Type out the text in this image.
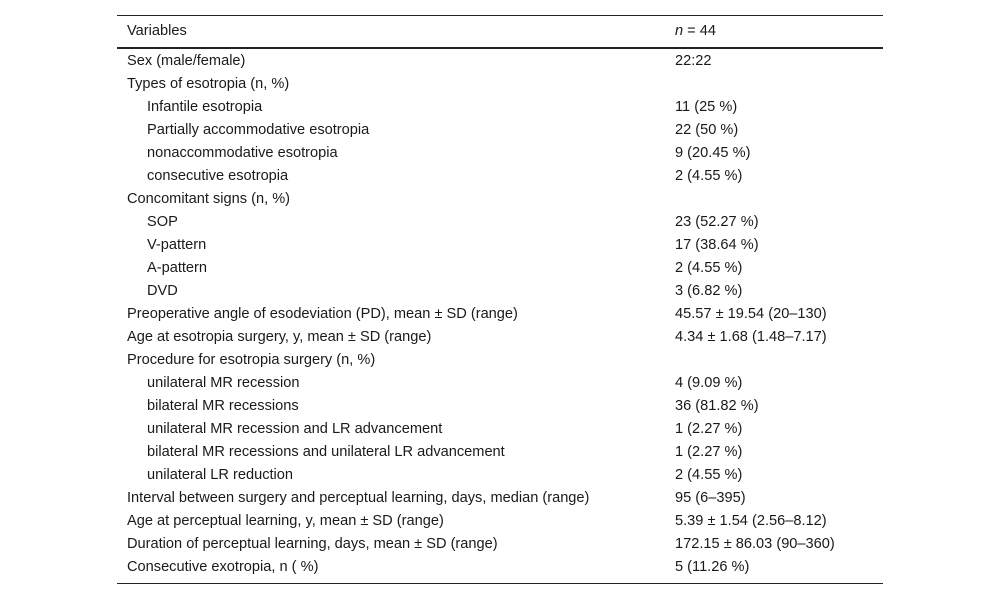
Variables	n = 44
Sex (male/female)	22:22
Types of esotropia (n, %)
Infantile esotropia	11 (25 %)
Partially accommodative esotropia	22 (50 %)
nonaccommodative esotropia	9 (20.45 %)
consecutive esotropia	2 (4.55 %)
Concomitant signs (n, %)
SOP	23 (52.27 %)
V-pattern	17 (38.64 %)
A-pattern	2 (4.55 %)
DVD	3 (6.82 %)
Preoperative angle of esodeviation (PD), mean ± SD (range)	45.57 ± 19.54 (20–130)
Age at esotropia surgery, y, mean ± SD (range)	4.34 ± 1.68 (1.48–7.17)
Procedure for esotropia surgery (n, %)
unilateral MR recession	4 (9.09 %)
bilateral MR recessions	36 (81.82 %)
unilateral MR recession and LR advancement	1 (2.27 %)
bilateral MR recessions and unilateral LR advancement	1 (2.27 %)
unilateral LR reduction	2 (4.55 %)
Interval between surgery and perceptual learning, days, median (range)	95 (6–395)
Age at perceptual learning, y, mean ± SD (range)	5.39 ± 1.54 (2.56–8.12)
Duration of perceptual learning, days, mean ± SD (range)	172.15 ± 86.03 (90–360)
Consecutive exotropia, n ( %)	5 (11.26 %)
